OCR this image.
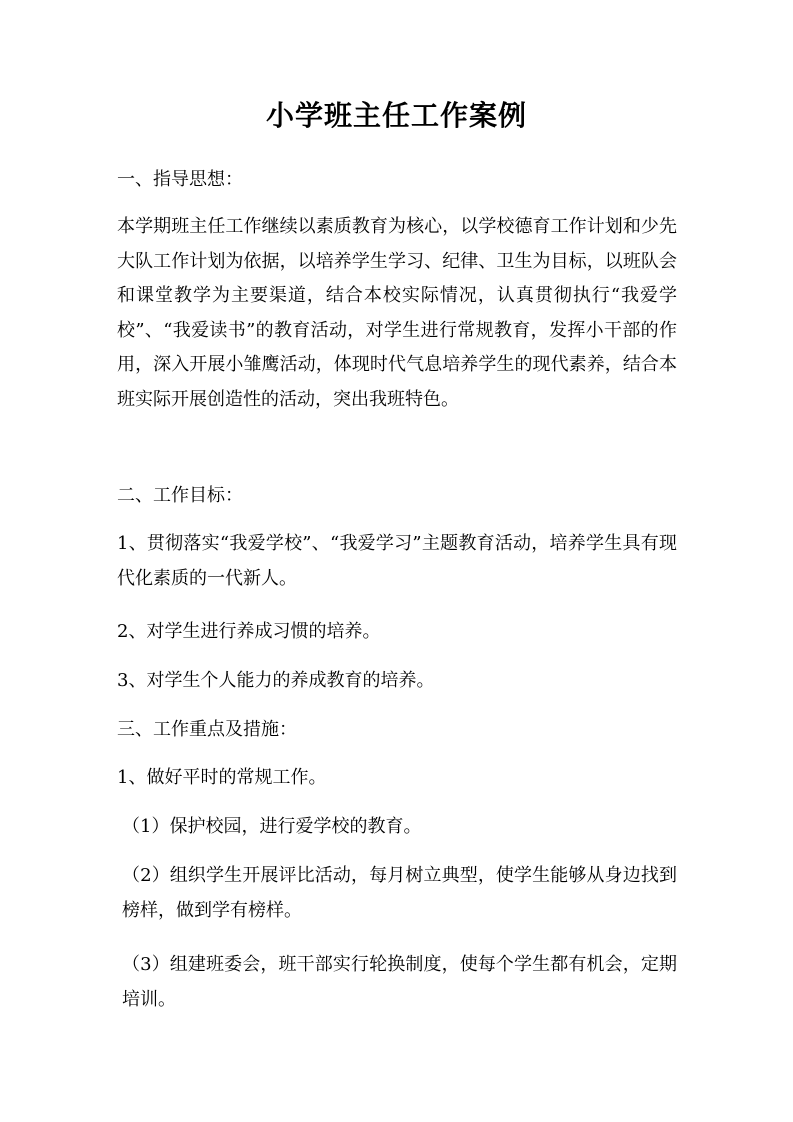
小学班主任工作案例

一、指导思想：

本学期班主任工作继续以素质教育为核心，以学校德育工作计划和少先大队工作计划为依据，以培养学生学习、纪律、卫生为目标，以班队会和课堂教学为主要渠道，结合本校实际情况，认真贯彻执行“我爱学校”、“我爱读书”的教育活动，对学生进行常规教育，发挥小干部的作用，深入开展小雏鹰活动，体现时代气息培养学生的现代素养，结合本班实际开展创造性的活动，突出我班特色。

二、工作目标：

1、贯彻落实“我爱学校”、“我爱学习”主题教育活动，培养学生具有现代化素质的一代新人。

2、对学生进行养成习惯的培养。

3、对学生个人能力的养成教育的培养。

三、工作重点及措施：

1、做好平时的常规工作。

（1）保护校园，进行爱学校的教育。

（2）组织学生开展评比活动，每月树立典型，使学生能够从身边找到榜样，做到学有榜样。

（3）组建班委会，班干部实行轮换制度，使每个学生都有机会，定期培训。
